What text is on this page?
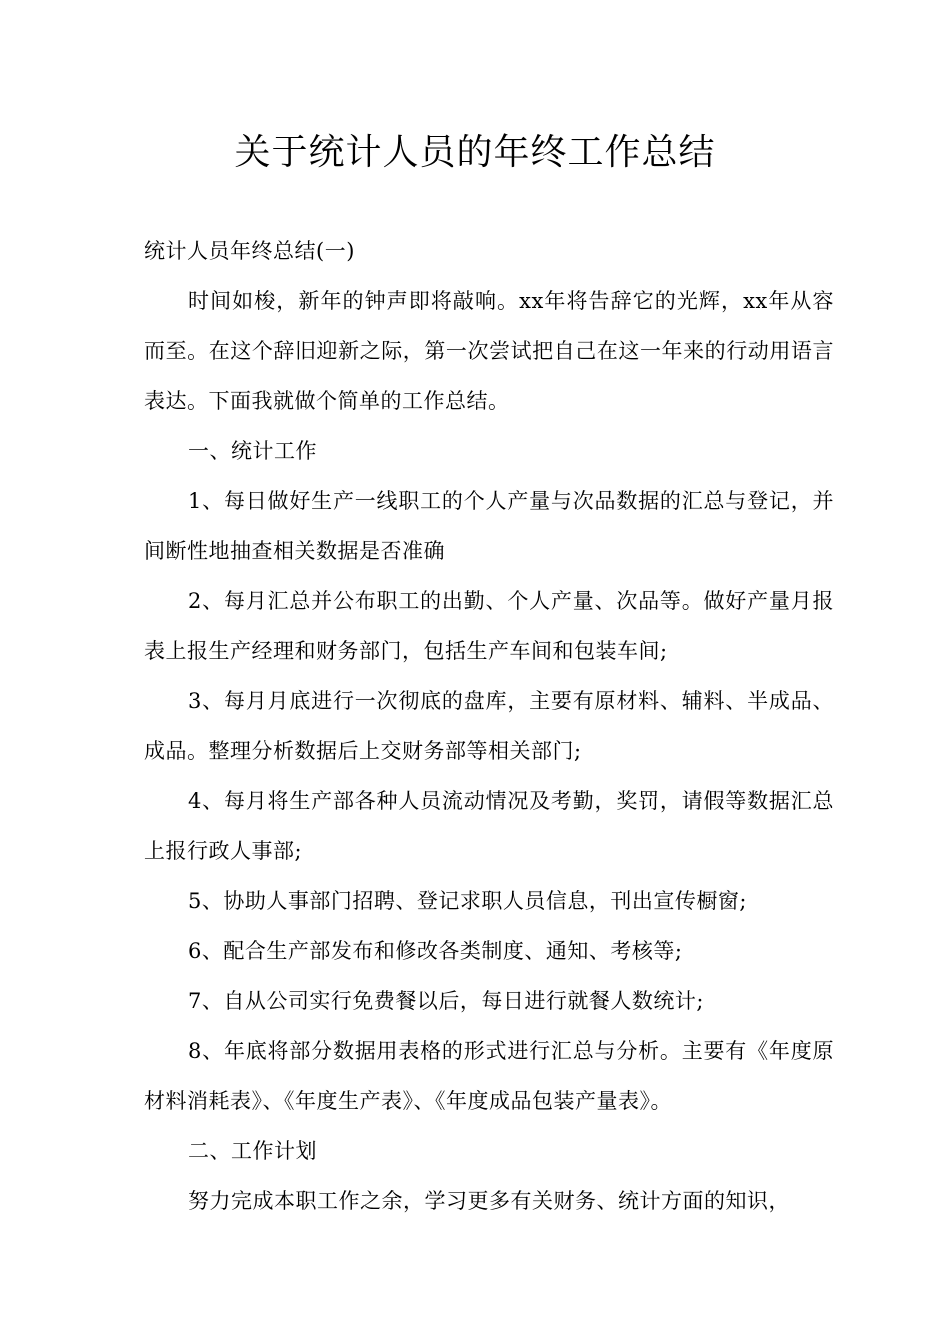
关于统计人员的年终工作总结

统计人员年终总结(一)

时间如梭，新年的钟声即将敲响。xx年将告辞它的光辉，xx年从容而至。在这个辞旧迎新之际，第一次尝试把自己在这一年来的行动用语言表达。下面我就做个简单的工作总结。

一、统计工作

1、每日做好生产一线职工的个人产量与次品数据的汇总与登记，并间断性地抽查相关数据是否准确

2、每月汇总并公布职工的出勤、个人产量、次品等。做好产量月报表上报生产经理和财务部门，包括生产车间和包装车间;

3、每月月底进行一次彻底的盘库，主要有原材料、辅料、半成品、成品。整理分析数据后上交财务部等相关部门;

4、每月将生产部各种人员流动情况及考勤，奖罚，请假等数据汇总上报行政人事部;

5、协助人事部门招聘、登记求职人员信息，刊出宣传橱窗;

6、配合生产部发布和修改各类制度、通知、考核等;

7、自从公司实行免费餐以后，每日进行就餐人数统计;

8、年底将部分数据用表格的形式进行汇总与分析。主要有《年度原材料消耗表》、《年度生产表》、《年度成品包装产量表》。

二、工作计划

努力完成本职工作之余，学习更多有关财务、统计方面的知识，
